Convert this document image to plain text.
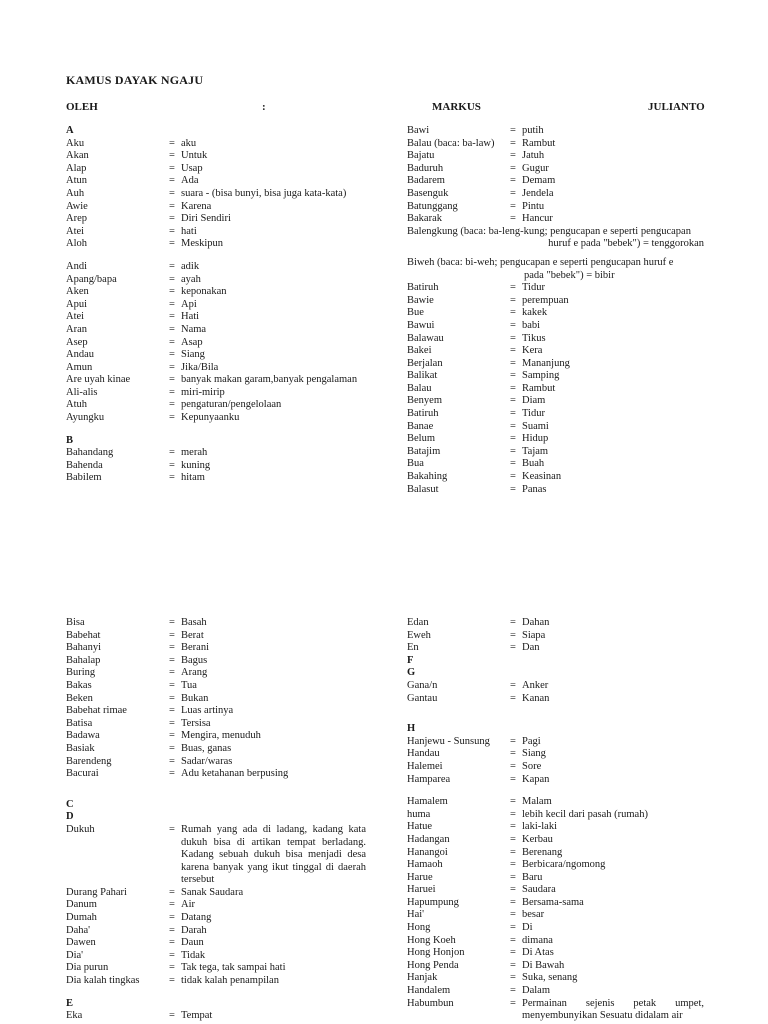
KAMUS DAYAK NGAJU
OLEH	:	MARKUS	JULIANTO
A
Aku	= aku
Akan	= Untuk
Alap	= Usap
Atun	= Ada
Auh	= suara - (bisa bunyi, bisa juga kata-kata)
Awie	= Karena
Arep	= Diri Sendiri
Atei	= hati
Aloh	= Meskipun
Andi	= adik
Apang/bapa	= ayah
Aken	= keponakan
Apui	= Api
Atei	= Hati
Aran	= Nama
Asep	= Asap
Andau	= Siang
Amun	= Jika/Bila
Are uyah kinae	= banyak makan garam,banyak pengalaman
Ali-alis	= miri-mirip
Atuh	= pengaturan/pengelolaan
Ayungku	= Kepunyaanku
B
Bahandang	= merah
Bahenda	= kuning
Babilem	= hitam
Bawi	= putih
Balau (baca: ba-law)	= Rambut
Bajatu	= Jatuh
Baduruh	= Gugur
Badarem	= Demam
Basenguk	= Jendela
Batunggang	= Pintu
Bakarak	= Hancur
Balengkung (baca: ba-leng-kung; pengucapan e seperti pengucapan
huruf e pada "bebek") = tenggorokan
Biweh (baca: bi-weh; pengucapan e seperti pengucapan huruf e
pada "bebek") = bibir
Batiruh	= Tidur
Bawie	= perempuan
Bue	= kakek
Bawui	= babi
Balawau	= Tikus
Bakei	= Kera
Berjalan	= Mananjung
Balikat	= Samping
Balau	= Rambut
Benyem	= Diam
Batiruh	= Tidur
Banae	= Suami
Belum	= Hidup
Batajim	= Tajam
Bua	= Buah
Bakahing	= Keasinan
Balasut	= Panas
Bisa	= Basah
Babehat	= Berat
Bahanyi	= Berani
Bahalap	= Bagus
Buring	= Arang
Bakas	= Tua
Beken	= Bukan
Babehat rimae	= Luas artinya
Batisa	= Tersisa
Badawa	= Mengira, menuduh
Basiak	= Buas, ganas
Barendeng	= Sadar/waras
Bacurai	= Adu ketahanan berpusing
C
D
Dukuh	= Rumah yang ada di ladang, kadang kata dukuh bisa di artikan tempat berladang. Kadang sebuah dukuh bisa menjadi desa karena banyak yang ikut tinggal di daerah tersebut
Durang Pahari	= Sanak Saudara
Danum	= Air
Dumah	= Datang
Daha'	= Darah
Dawen	= Daun
Dia'	= Tidak
Dia purun	= Tak tega, tak sampai hati
Dia kalah tingkas	= tidak kalah penampilan
E
Eka	= Tempat
Edan	= Dahan
Eweh	= Siapa
En	= Dan
F
G
Gana/n	= Anker
Gantau	= Kanan
H
Hanjewu - Sunsung	= Pagi
Handau	= Siang
Halemei	= Sore
Hamparea	= Kapan
Hamalem	= Malam
huma	= lebih kecil dari pasah (rumah)
Hatue	= laki-laki
Hadangan	= Kerbau
Hanangoi	= Berenang
Hamaoh	= Berbicara/ngomong
Harue	= Baru
Haruei	= Saudara
Hapumpung	= Bersama-sama
Hai'	= besar
Hong	= Di
Hong Koeh	= dimana
Hong Honjon	= Di Atas
Hong Penda	= Di Bawah
Hanjak	= Suka, senang
Handalem	= Dalam
Habumbun	= Permainan sejenis petak umpet, menyembunyikan Sesuatu didalam air
